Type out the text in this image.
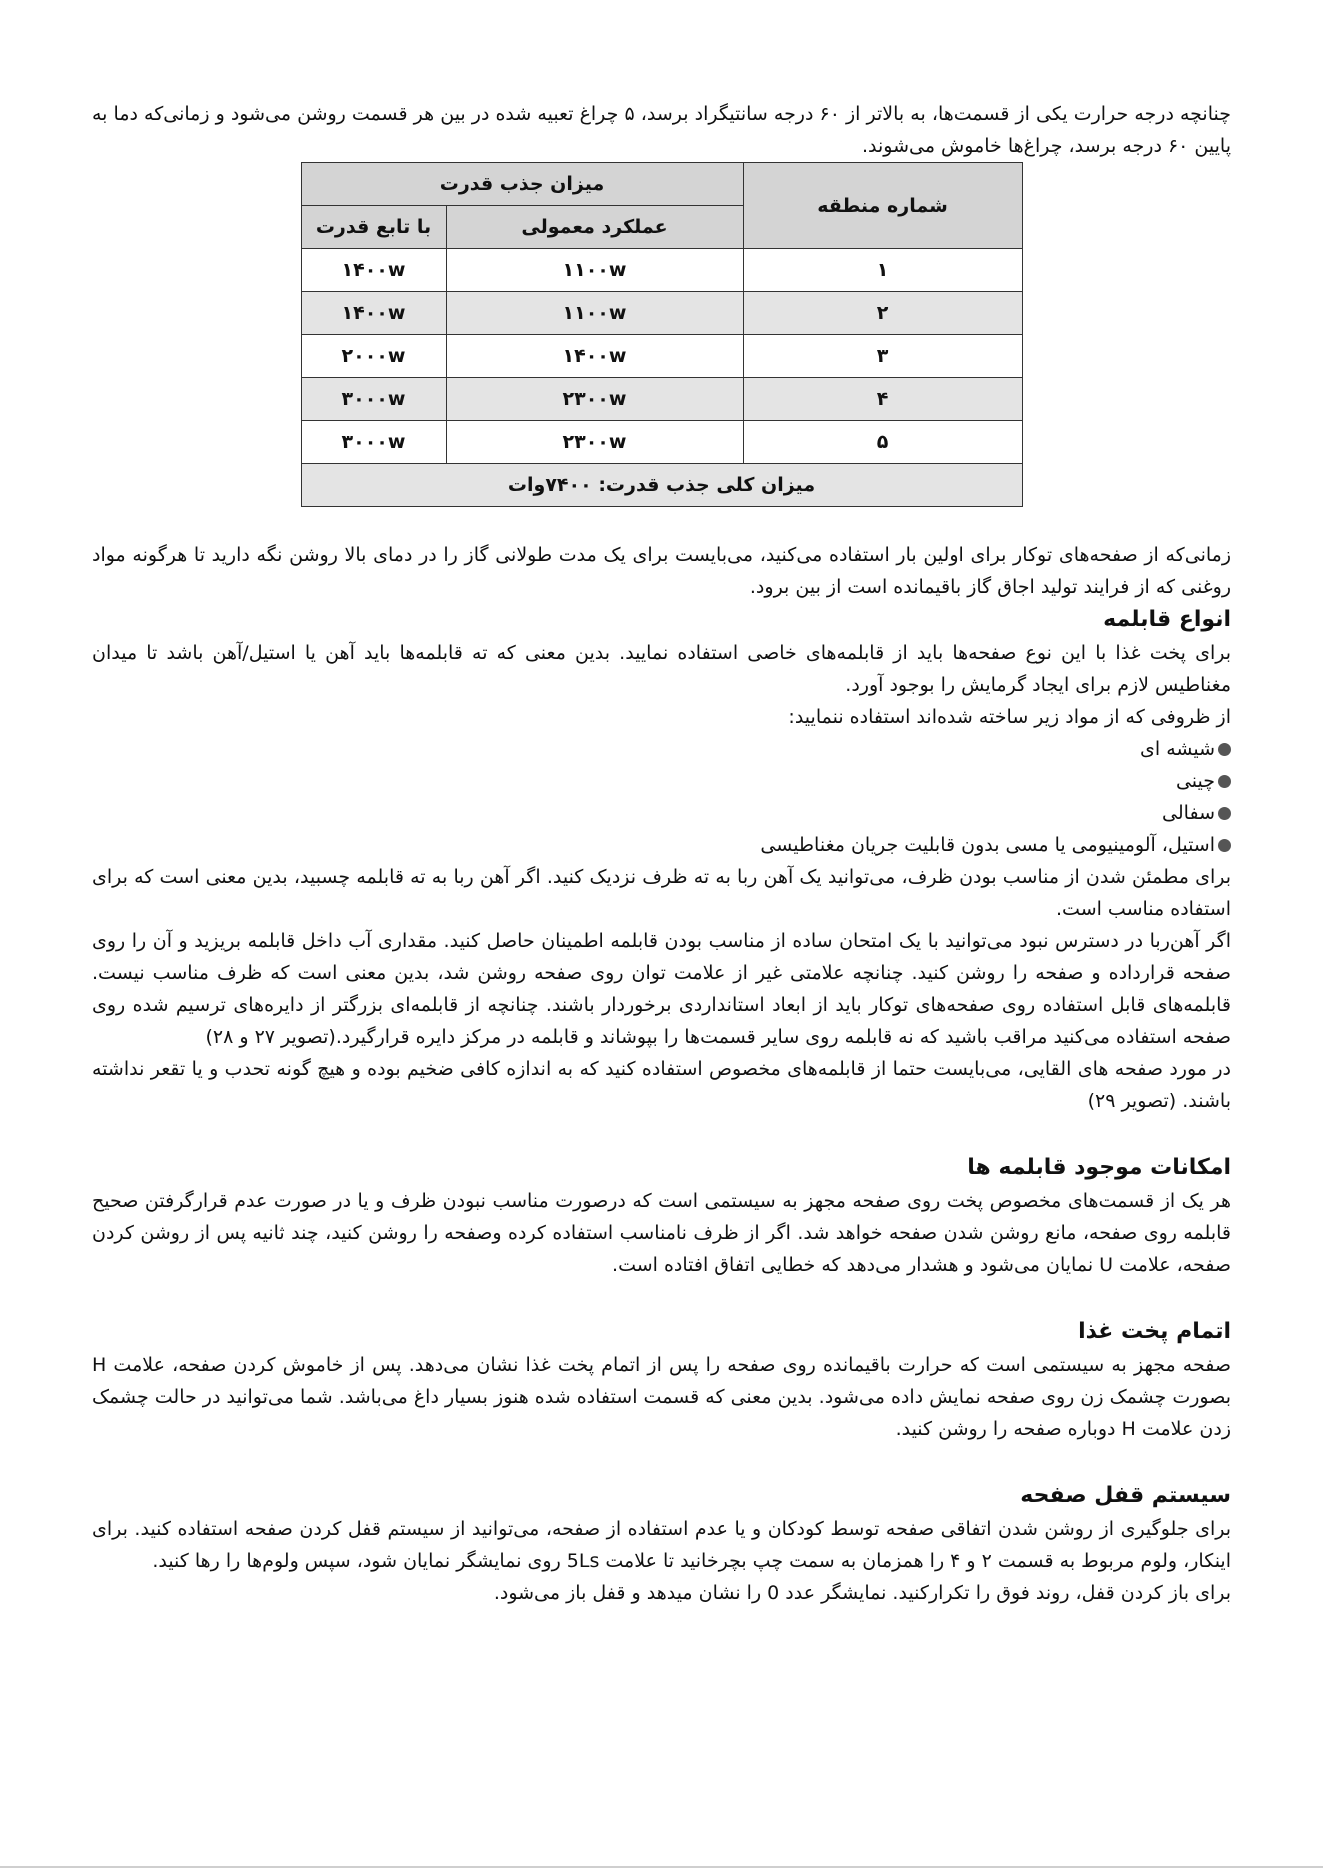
چنانچه درجه حرارت یکی از قسمت‌ها، به بالاتر از ۶۰ درجه سانتیگراد برسد، ۵ چراغ تعبیه شده در بین هر قسمت روشن می‌شود و زمانی‌که دما به پایین ۶۰ درجه برسد، چراغ‌ها خاموش می‌شوند.

شماره منطقه	میزان جذب قدرت	
	عملکرد معمولی	با تابع قدرت
۱	۱۱۰۰w	۱۴۰۰w
۲	۱۱۰۰w	۱۴۰۰w
۳	۱۴۰۰w	۲۰۰۰w
۴	۲۳۰۰w	۳۰۰۰w
۵	۲۳۰۰w	۳۰۰۰w
میزان کلی جذب قدرت: ۷۴۰۰وات		

زمانی‌که از صفحه‌های توکار برای اولین بار استفاده می‌کنید، می‌بایست برای یک مدت طولانی گاز را در دمای بالا روشن نگه دارید تا هرگونه مواد روغنی که از فرایند تولید اجاق گاز باقیمانده است از بین برود.

انواع قابلمه

برای پخت غذا با این نوع صفحه‌ها باید از قابلمه‌های خاصی استفاده نمایید. بدین معنی که ته قابلمه‌ها باید آهن یا استیل/آهن باشد تا میدان مغناطیس لازم برای ایجاد گرمایش را بوجود آورد.

از ظروفی که از مواد زیر ساخته شده‌اند استفاده ننمایید:

شیشه ای
چینی
سفالی
استیل، آلومینیومی یا مسی بدون قابلیت جریان مغناطیسی

برای مطمئن شدن از مناسب بودن ظرف، می‌توانید یک آهن ربا به ته ظرف نزدیک کنید. اگر آهن ربا به ته قابلمه چسبید، بدین معنی است که برای استفاده مناسب است.

اگر آهن‌ربا در دسترس نبود می‌توانید با یک امتحان ساده از مناسب بودن قابلمه اطمینان حاصل کنید. مقداری آب داخل قابلمه بریزید و آن را روی صفحه قرارداده و صفحه را روشن کنید. چنانچه علامتی غیر از علامت توان روی صفحه روشن شد، بدین معنی است که ظرف مناسب نیست. قابلمه‌های قابل استفاده روی صفحه‌های توکار باید از ابعاد استانداردی برخوردار باشند. چنانچه از قابلمه‌ای بزرگتر از دایره‌های ترسیم شده روی صفحه استفاده می‌کنید مراقب باشید که نه قابلمه روی سایر قسمت‌ها را بپوشاند و قابلمه در مرکز دایره قرارگیرد.(تصویر ۲۷ و ۲۸)

در مورد صفحه های القایی، می‌بایست حتما از قابلمه‌های مخصوص استفاده کنید که به اندازه کافی ضخیم بوده و هیچ گونه تحدب و یا تقعر نداشته باشند. (تصویر ۲۹)

امکانات موجود قابلمه ها

هر یک از قسمت‌های مخصوص پخت روی صفحه مجهز به سیستمی است که درصورت مناسب نبودن ظرف و یا در صورت عدم قرارگرفتن صحیح قابلمه روی صفحه، مانع روشن شدن صفحه خواهد شد. اگر از ظرف نامناسب استفاده کرده وصفحه را روشن کنید، چند ثانیه پس از روشن کردن صفحه، علامت U نمایان می‌شود و هشدار می‌دهد که خطایی اتفاق افتاده است.

اتمام پخت غذا

صفحه مجهز به سیستمی است که حرارت باقیمانده روی صفحه را پس از اتمام پخت غذا نشان می‌دهد. پس از خاموش کردن صفحه، علامت H بصورت چشمک زن روی صفحه نمایش داده می‌شود. بدین معنی که قسمت استفاده شده هنوز بسیار داغ می‌باشد. شما می‌توانید در حالت چشمک زدن علامت H دوباره صفحه را روشن کنید.

سیستم قفل صفحه

برای جلوگیری از روشن شدن اتفاقی صفحه توسط کودکان و یا عدم استفاده از صفحه، می‌توانید از سیستم قفل کردن صفحه استفاده کنید. برای اینکار، ولوم مربوط به قسمت ۲ و ۴ را همزمان به سمت چپ بچرخانید تا علامت 5Ls روی نمایشگر نمایان شود، سپس ولوم‌ها را رها کنید.

برای باز کردن قفل، روند فوق را تکرارکنید. نمایشگر عدد 0 را نشان میدهد و قفل باز می‌شود.
